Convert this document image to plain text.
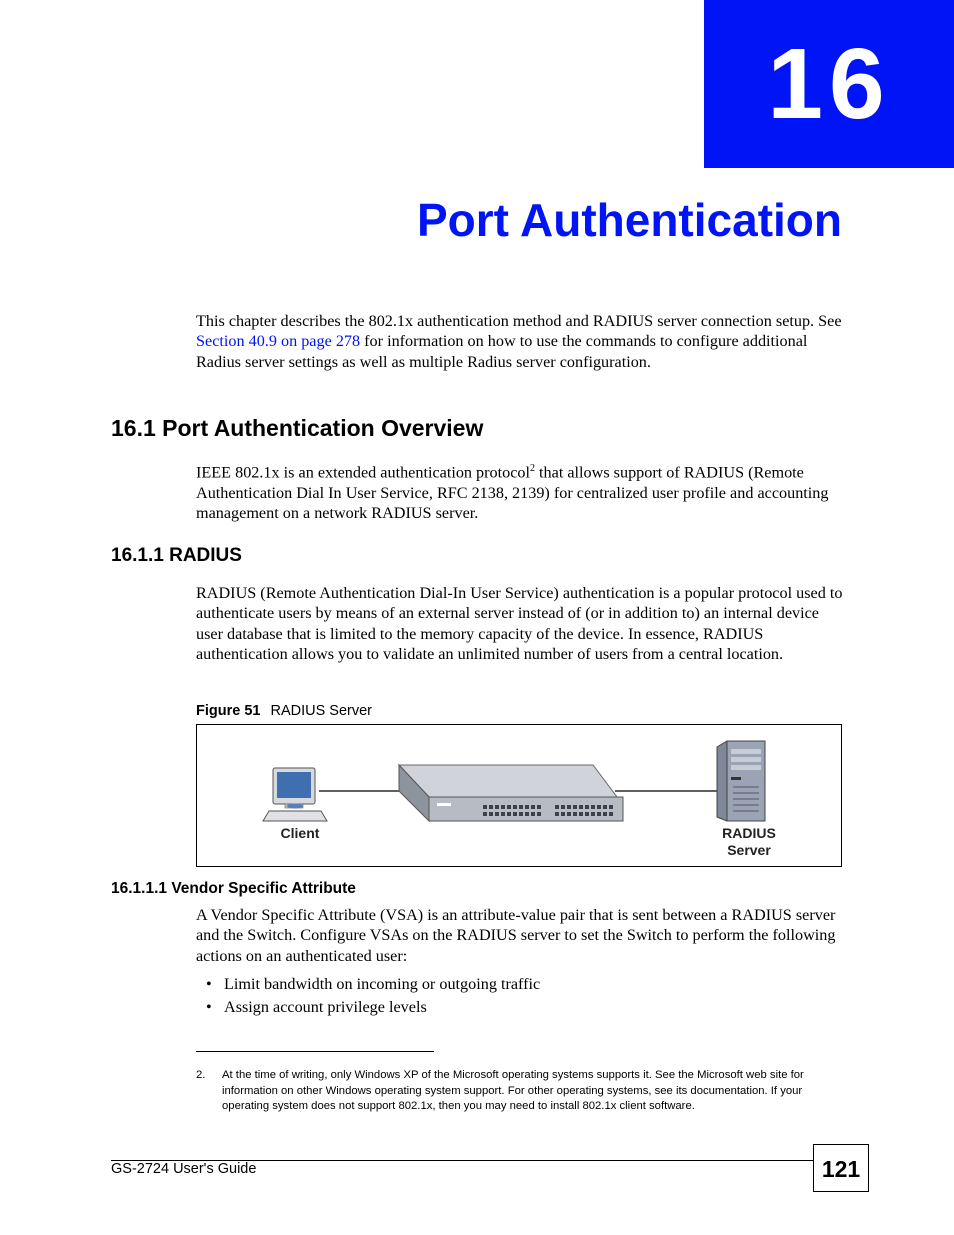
16
Port Authentication

This chapter describes the 802.1x authentication method and RADIUS server connection setup. See Section 40.9 on page 278 for information on how to use the commands to configure additional Radius server settings as well as multiple Radius server configuration.

16.1 Port Authentication Overview

IEEE 802.1x is an extended authentication protocol$^2$ that allows support of RADIUS (Remote Authentication Dial In User Service, RFC 2138, 2139) for centralized user profile and accounting management on a network RADIUS server.

16.1.1 RADIUS

RADIUS (Remote Authentication Dial-In User Service) authentication is a popular protocol used to authenticate users by means of an external server instead of (or in addition to) an internal device user database that is limited to the memory capacity of the device. In essence, RADIUS authentication allows you to validate an unlimited number of users from a central location.

Figure 51 RADIUS Server
Client	RADIUS
Server
16.1.1.1 Vendor Specific Attribute

A Vendor Specific Attribute (VSA) is an attribute-value pair that is sent between a RADIUS server and the Switch. Configure VSAs on the RADIUS server to set the Switch to perform the following actions on an authenticated user:

• Limit bandwidth on incoming or outgoing traffic
• Assign account privilege levels
2. At the time of writing, only Windows XP of the Microsoft operating systems supports it. See the Microsoft web site for information on other Windows operating system support. For other operating systems, see its documentation. If your operating system does not support 802.1x, then you may need to install 802.1x client software.
GS-2724 User's Guide	121
